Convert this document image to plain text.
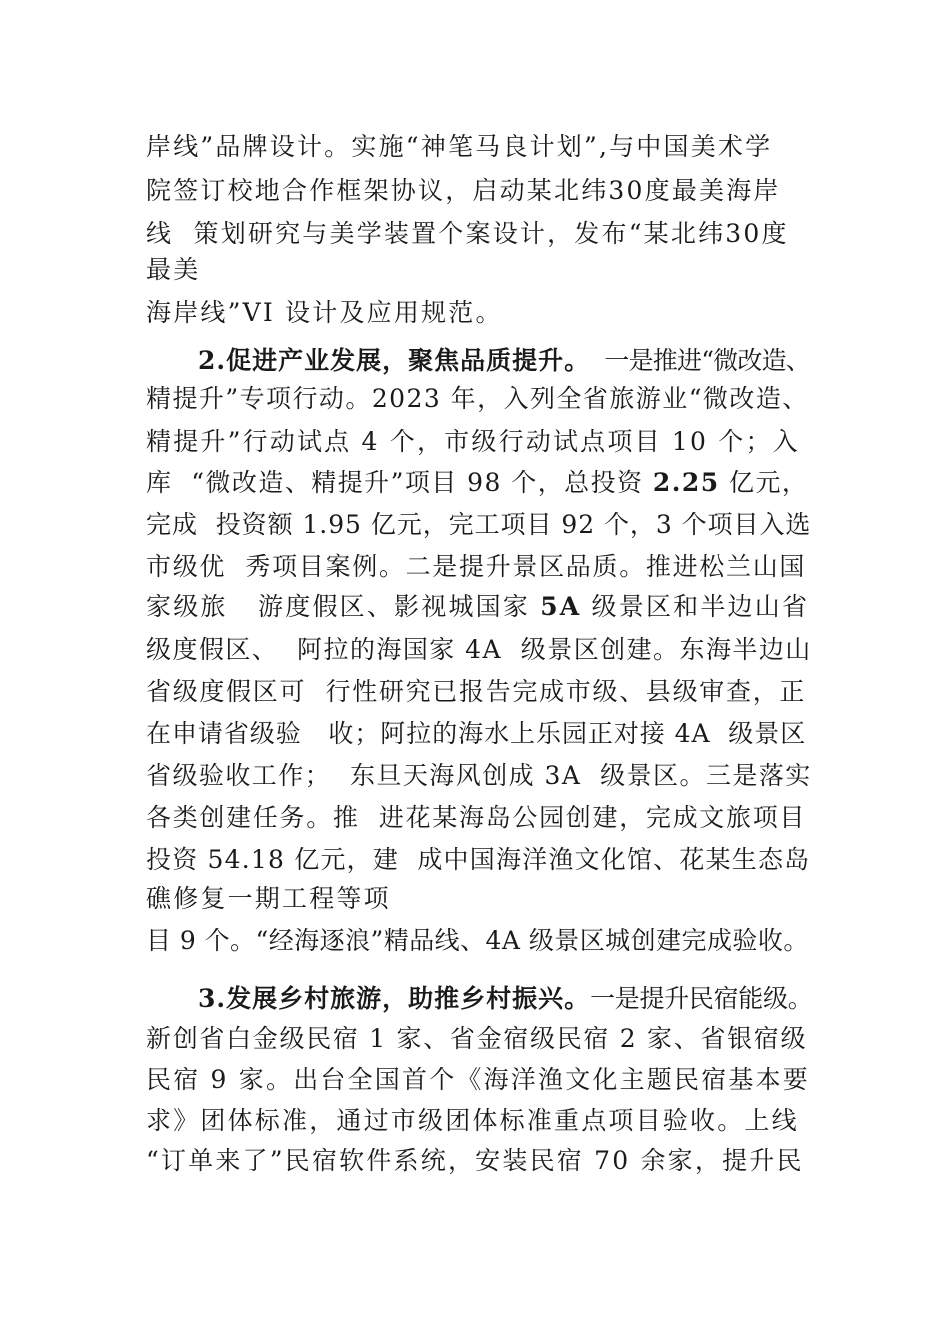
岸线”品牌设计。实施“神笔马良计划”,与中国美术学
院签订校地合作框架协议，启动某北纬30度最美海岸
线  策划研究与美学装置个案设计，发布“某北纬30度
最美
海岸线”VI 设计及应用规范。
2.促进产业发展，聚焦品质提升。  一是推进“微改造、
精提升”专项行动。2023 年，入列全省旅游业“微改造、
精提升”行动试点 4 个，市级行动试点项目 10 个；入
库  “微改造、精提升”项目 98 个，总投资 2.25 亿元，
完成  投资额 1.95 亿元，完工项目 92 个，3 个项目入选
市级优  秀项目案例。二是提升景区品质。推进松兰山国
家级旅   游度假区、影视城国家 5A 级景区和半边山省
级度假区、  阿拉的海国家 4A  级景区创建。东海半边山
省级度假区可  行性研究已报告完成市级、县级审查，正
在申请省级验   收；阿拉的海水上乐园正对接 4A  级景区
省级验收工作；  东旦天海风创成 3A  级景区。三是落实
各类创建任务。推  进花某海岛公园创建，完成文旅项目
投资 54.18 亿元，建  成中国海洋渔文化馆、花某生态岛
礁修复一期工程等项
目 9 个。“经海逐浪”精品线、4A 级景区城创建完成验收。
3.发展乡村旅游，助推乡村振兴。一是提升民宿能级。
新创省白金级民宿 1 家、省金宿级民宿 2 家、省银宿级
民宿 9 家。出台全国首个《海洋渔文化主题民宿基本要
求》团体标准，通过市级团体标准重点项目验收。上线
“订单来了”民宿软件系统，安装民宿 70 余家，提升民
